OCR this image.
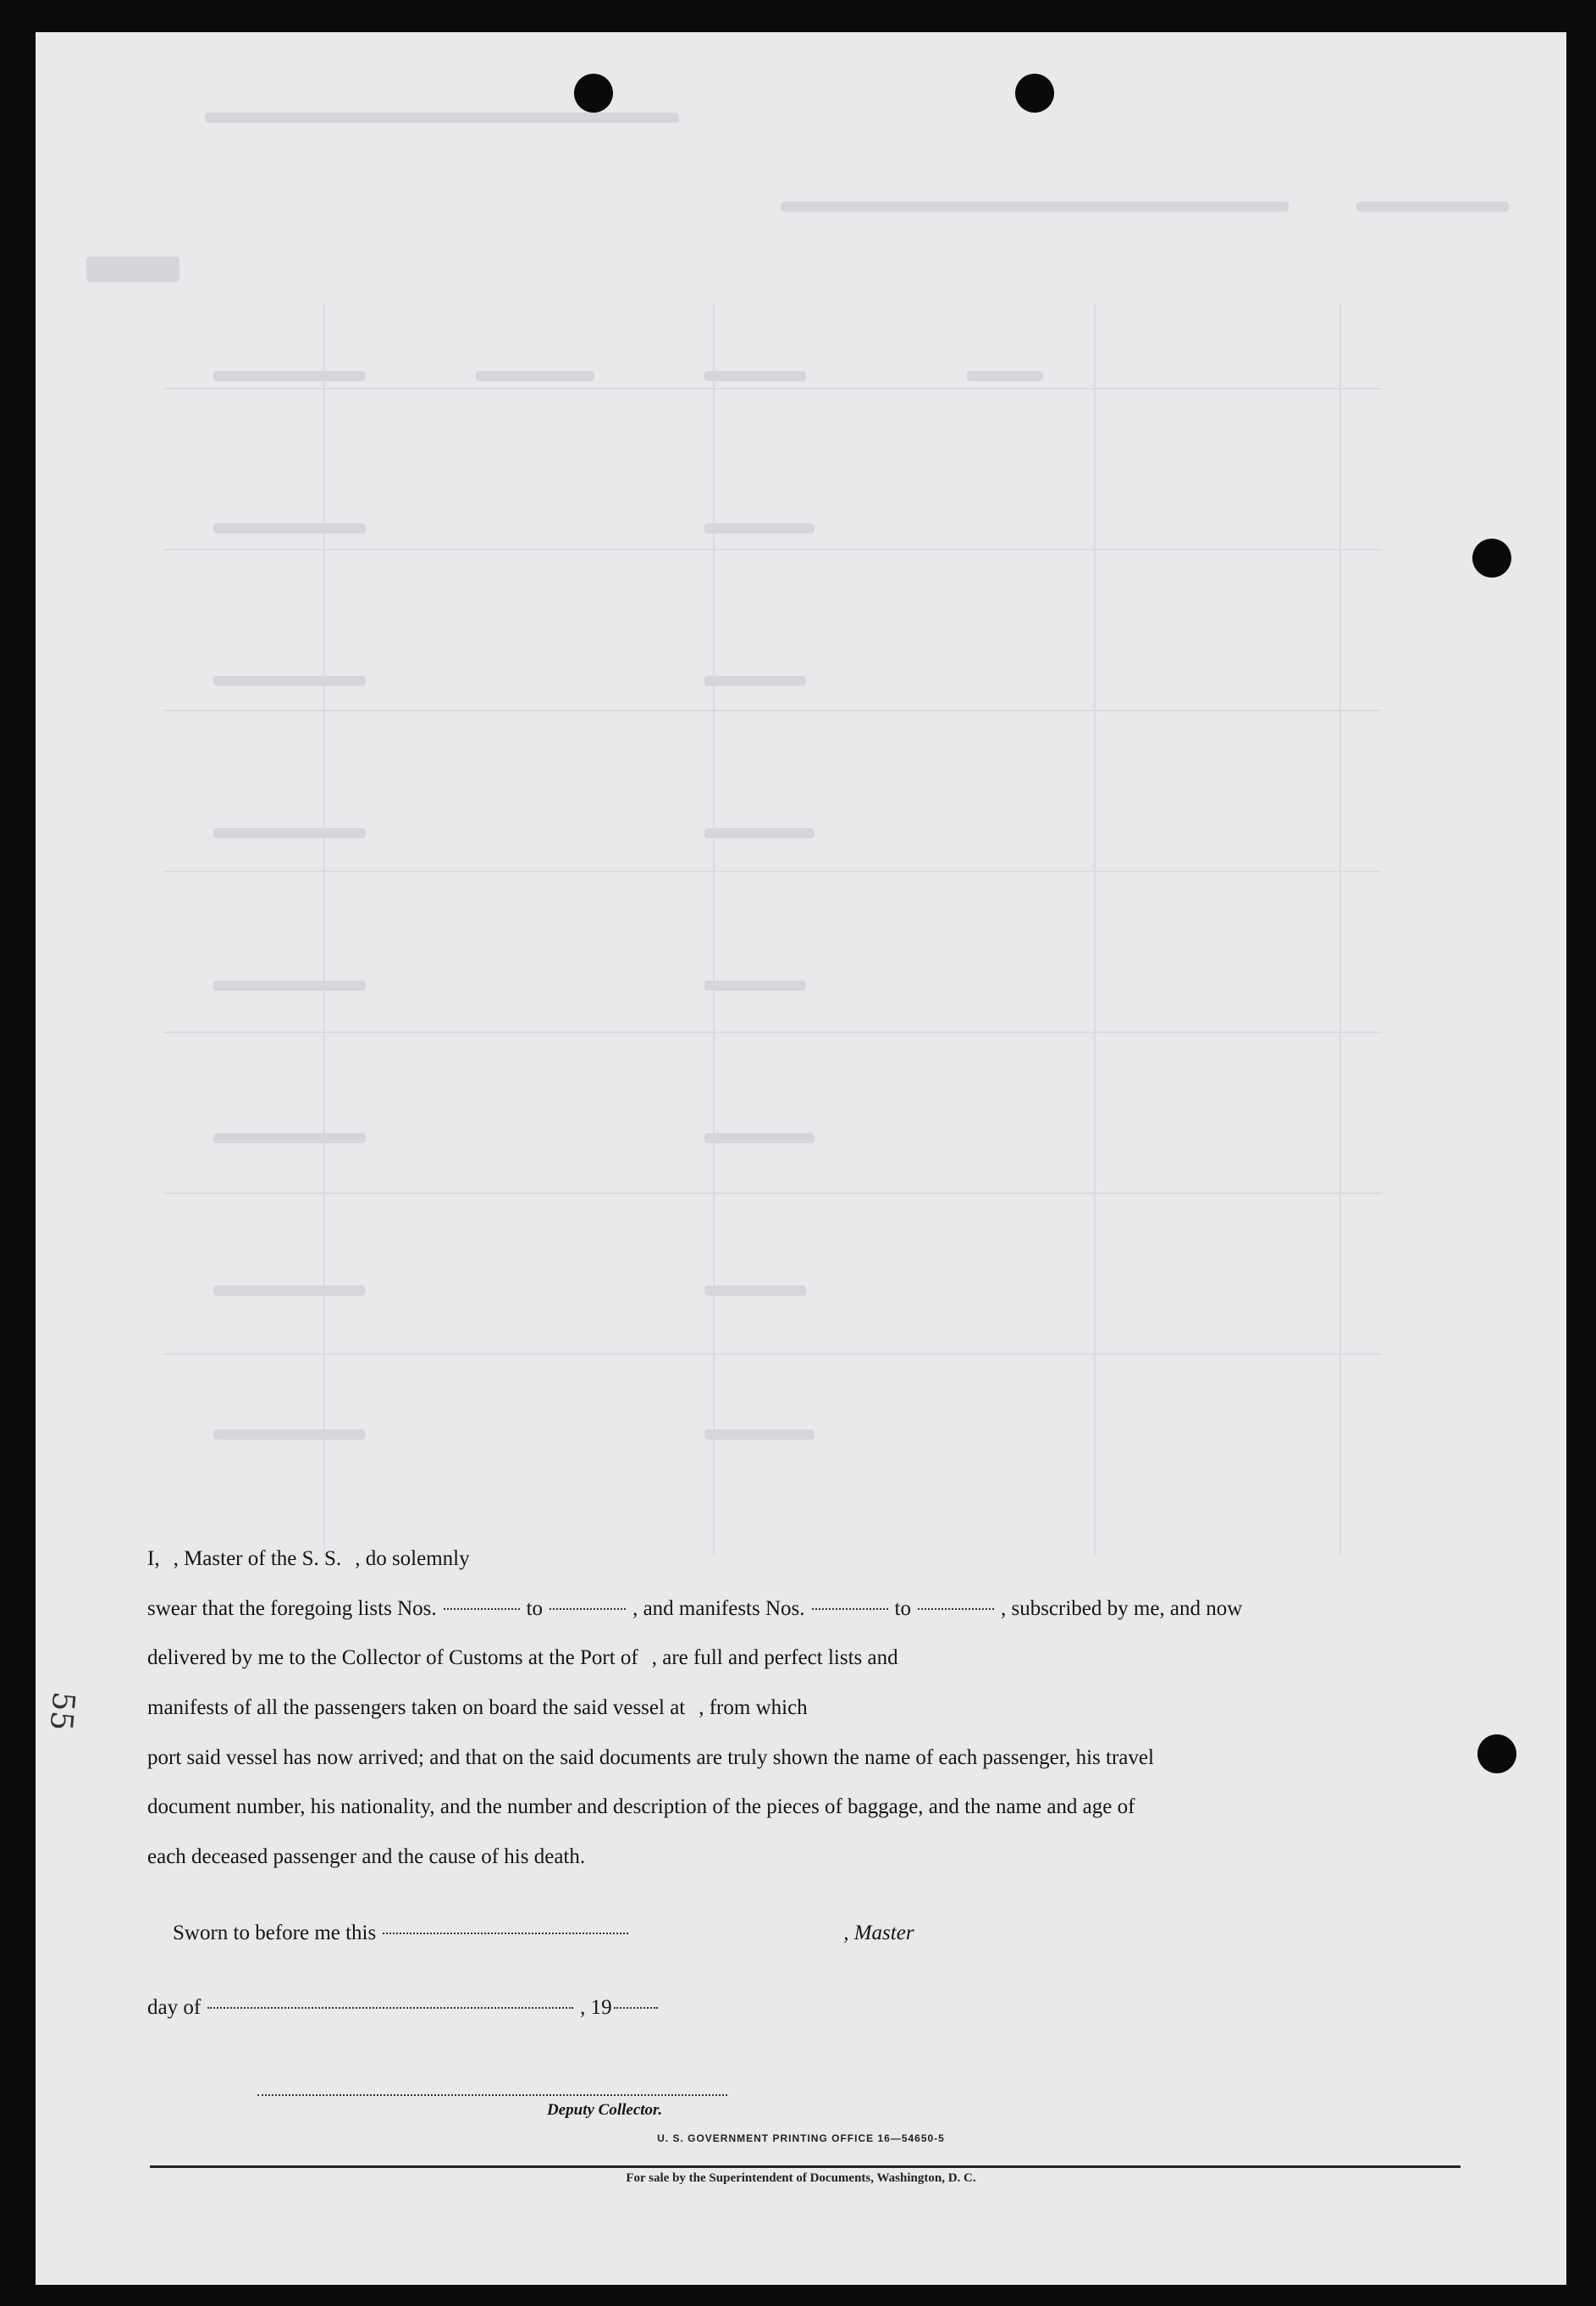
55
I, , Master of the S. S. , do solemnly
swear that the foregoing lists Nos.	to	, and manifests Nos.	to	, subscribed by me, and now
delivered by me to the Collector of Customs at the Port of , are full and perfect lists and
manifests of all the passengers taken on board the said vessel at , from which
port said vessel has now arrived; and that on the said documents are truly shown the name of each passenger, his travel
document number, his nationality, and the number and description of the pieces of baggage, and the name and age of
each deceased passenger and the cause of his death.
Sworn to before me this	, Master
day of	, 19
Deputy Collector.
U. S. GOVERNMENT PRINTING OFFICE 16—54650-5
For sale by the Superintendent of Documents, Washington, D. C.
